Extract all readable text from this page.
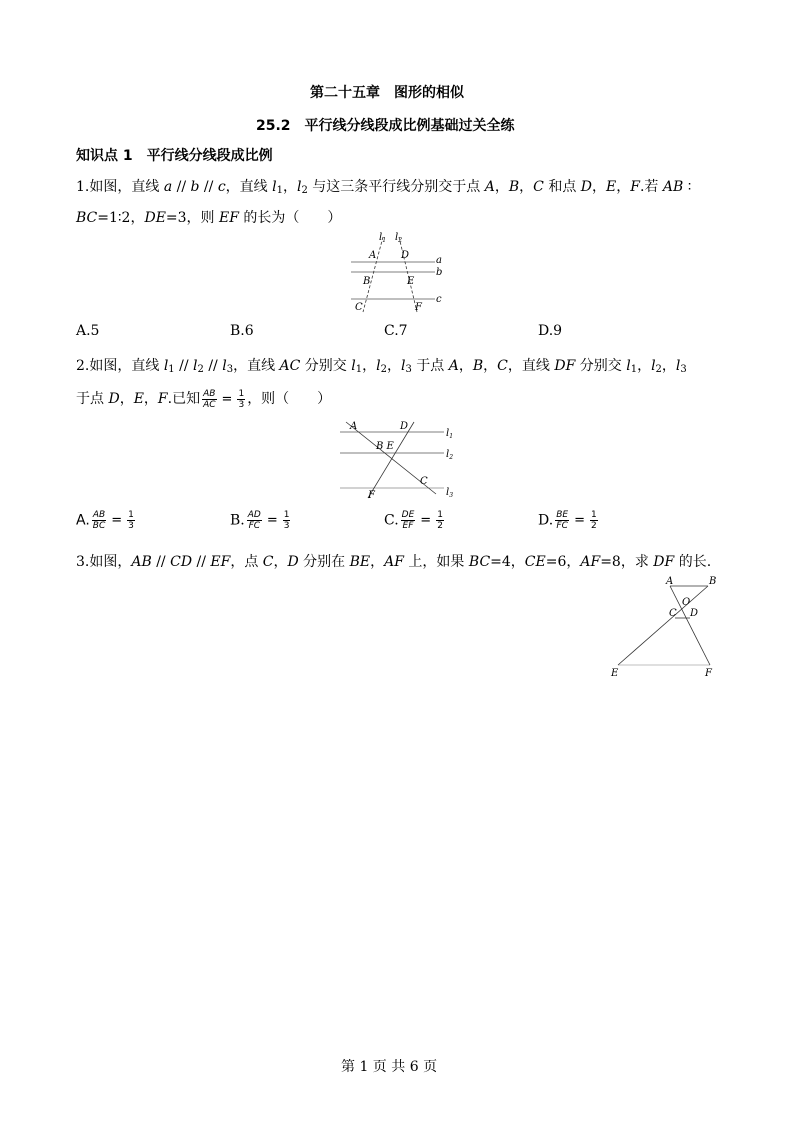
第二十五章　图形的相似
25.2　平行线分线段成比例基础过关全练
知识点 1　平行线分线段成比例
1.如图，直线 a // b // c，直线 $l_1$，$l_2$ 与这三条平行线分别交于点 A，B，C 和点 D，E，F.若 AB ∶
BC=1∶2，DE=3，则 EF 的长为（　　）
$l_1$ $l_2$
A D	a
B	E
b
C	F
c
A.5	B.6	C.7	D.9
2.如图，直线 $l_1 // l_2 // l_3$，直线 AC 分别交 $l_1$，$l_2$，$l_3$ 于点 A，B，C，直线 DF 分别交 $l_1$，$l_2$，$l_3$
于点 D，E，F.已知 $\frac{AB}{AC} = \frac{1}{3}$ ，则（　　）
A	D
$l_1$
B E
$l_2$
C
F	$l_3$
A. $\frac{AB}{BC} = \frac{1}{3}$	B. $\frac{AD}{FC} = \frac{1}{3}$	C. $\frac{DE}{EF} = \frac{1}{2}$	D. $\frac{BE}{FC} = \frac{1}{2}$
3.如图，AB // CD // EF，点 C，D 分别在 BE，AF 上，如果 BC=4，CE=6，AF=8，求 DF 的长.
A	B
O
C D
E	F
第 1 页 共 6 页
